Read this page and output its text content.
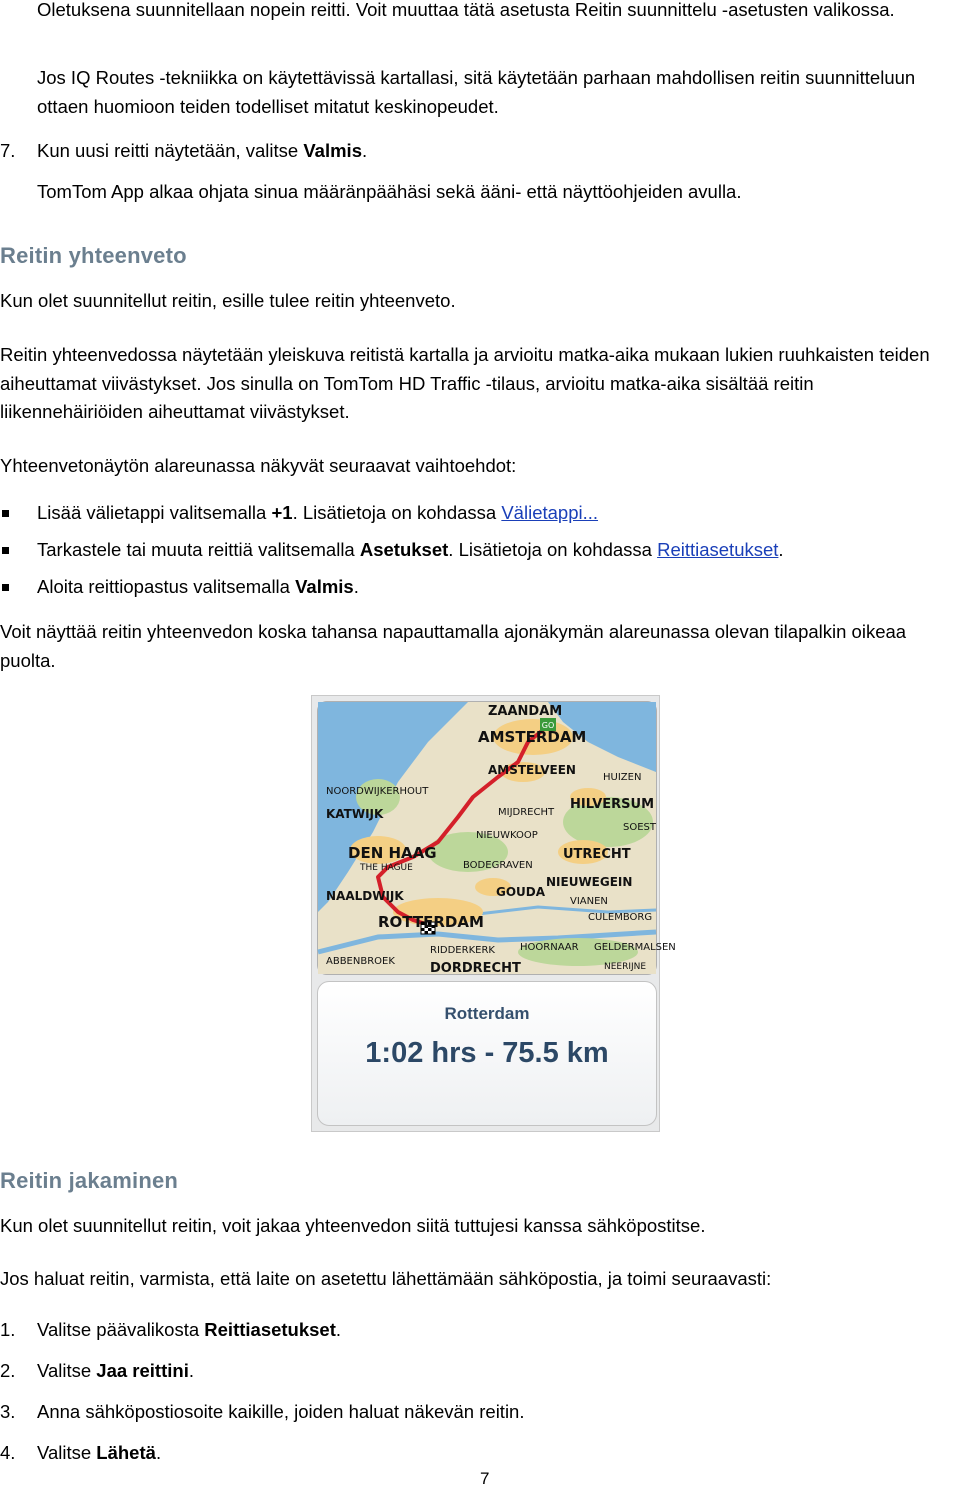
Oletuksena suunnitellaan nopein reitti. Voit muuttaa tätä asetusta Reitin suunnittelu -asetusten valikossa.

Jos IQ Routes -tekniikka on käytettävissä kartallasi, sitä käytetään parhaan mahdollisen reitin suunnitteluun ottaen huomioon teiden todelliset mitatut keskinopeudet.

7.	Kun uusi reitti näytetään, valitse Valmis.

TomTom App alkaa ohjata sinua määränpäähäsi sekä ääni- että näyttöohjeiden avulla.

Reitin yhteenveto

Kun olet suunnitellut reitin, esille tulee reitin yhteenveto.

Reitin yhteenvedossa näytetään yleiskuva reitistä kartalla ja arvioitu matka-aika mukaan lukien ruuhkaisten teiden aiheuttamat viivästykset. Jos sinulla on TomTom HD Traffic -tilaus, arvioitu matka-aika sisältää reitin liikennehäiriöiden aiheuttamat viivästykset.

Yhteenvetonäytön alareunassa näkyvät seuraavat vaihtoehdot:

Lisää välietappi valitsemalla +1. Lisätietoja on kohdassa Välietappi...
Tarkastele tai muuta reittiä valitsemalla Asetukset. Lisätietoja on kohdassa Reittiasetukset.
Aloita reittiopastus valitsemalla Valmis.

Voit näyttää reitin yhteenvedon koska tahansa napauttamalla ajonäkymän alareunassa olevan tilapalkin oikeaa puolta.

GO
ZAANDAM
AMSTERDAM
AMSTELVEEN
HUIZEN
NOORDWIJKERHOUT
KATWIJK	MIJDRECHT
HILVERSUM
SOEST
NIEUWKOOP
DEN HAAG
THE HAGUE
UTRECHT
BODEGRAVEN
GOUDA
NIEUWEGEIN
NAALDWIJK	VIANEN
CULEMBORG
ROTTERDAM
RIDDERKERK	HOORNAAR GELDERMALSEN
ABBENBROEK	DORDRECHT	NEERIJNE
Rotterdam
1:02 hrs - 75.5 km
Reitin jakaminen

Kun olet suunnitellut reitin, voit jakaa yhteenvedon siitä tuttujesi kanssa sähköpostitse.

Jos haluat reitin, varmista, että laite on asetettu lähettämään sähköpostia, ja toimi seuraavasti:

1.	Valitse päävalikosta Reittiasetukset.
2.	Valitse Jaa reittini.
3.	Anna sähköpostiosoite kaikille, joiden haluat näkevän reitin.
4.	Valitse Lähetä.
7
